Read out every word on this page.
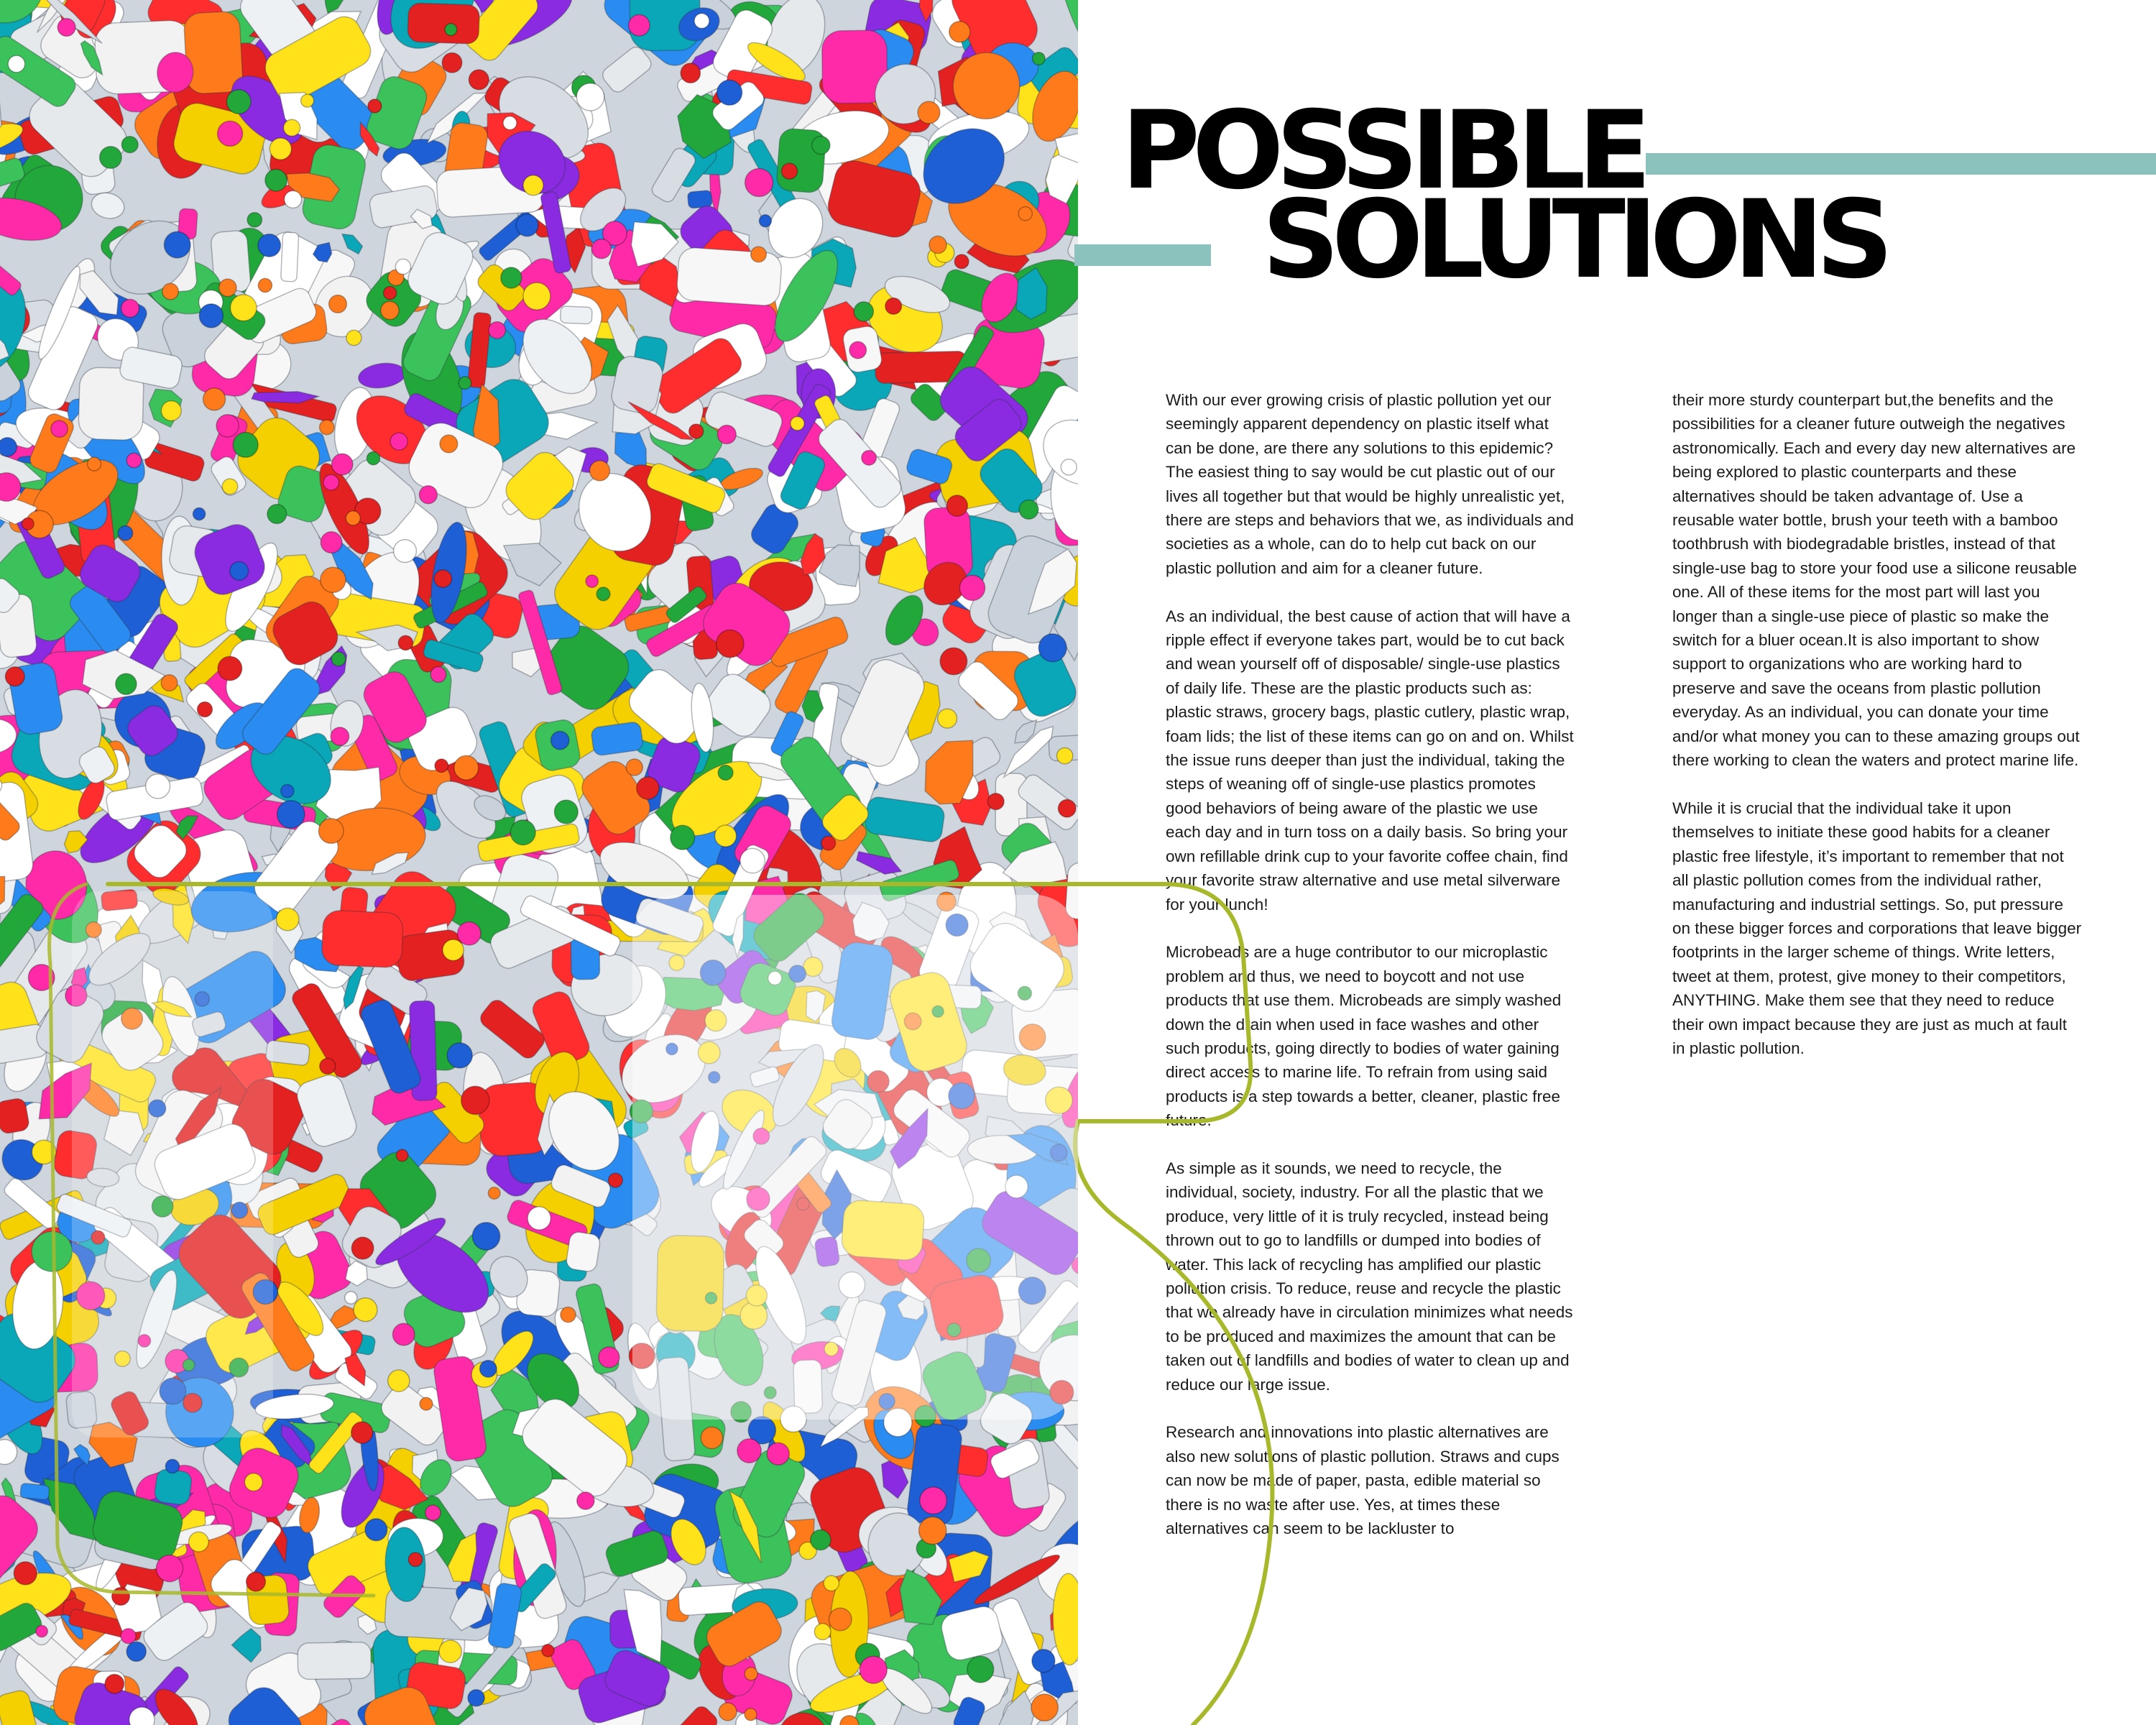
POSSIBLE
SOLUTIONS

With our ever growing crisis of plastic pollution yet our seemingly apparent dependency on plastic itself what can be done, are there any solutions to this epidemic? The easiest thing to say would be cut plastic out of our lives all together but that would be highly unrealistic yet, there are steps and behaviors that we, as individuals and societies as a whole, can do to help cut back on our plastic pollution and aim for a cleaner future.

As an individual, the best cause of action that will have a ripple effect if everyone takes part, would be to cut back and wean yourself off of disposable/ single-use plastics of daily life. These are the plastic products such as: plastic straws, grocery bags, plastic cutlery, plastic wrap, foam lids; the list of these items can go on and on. Whilst the issue runs deeper than just the individual, taking the steps of weaning off of single-use plastics promotes good behaviors of being aware of the plastic we use each day and in turn toss on a daily basis. So bring your own refillable drink cup to your favorite coffee chain, find your favorite straw alternative and use metal silverware for your lunch!

Microbeads are a huge contributor to our microplastic problem and thus, we need to boycott and not use products that use them. Microbeads are simply washed down the drain when used in face washes and other such products, going directly to bodies of water gaining direct access to marine life. To refrain from using said products is a step towards a better, cleaner, plastic free future.

As simple as it sounds, we need to recycle, the individual, society, industry. For all the plastic that we produce, very little of it is truly recycled, instead being thrown out to go to landfills or dumped into bodies of water. This lack of recycling has amplified our plastic pollution crisis. To reduce, reuse and recycle the plastic that we already have in circulation minimizes what needs to be produced and maximizes the amount that can be taken out of landfills and bodies of water to clean up and reduce our large issue.

Research and innovations into plastic alternatives are also new solutions of plastic pollution. Straws and cups can now be made of paper, pasta, edible material so there is no waste after use. Yes, at times these alternatives can seem to be lackluster to

their more sturdy counterpart but,the benefits and the possibilities for a cleaner future outweigh the negatives astronomically. Each and every day new alternatives are being explored to plastic counterparts and these alternatives should be taken advantage of. Use a reusable water bottle, brush your teeth with a bamboo toothbrush with biodegradable bristles, instead of that single-use bag to store your food use a silicone reusable one. All of these items for the most part will last you longer than a single-use piece of plastic so make the switch for a bluer ocean.It is also important to show support to organizations who are working hard to preserve and save the oceans from plastic pollution everyday. As an individual, you can donate your time and/or what money you can to these amazing groups out there working to clean the waters and protect marine life.

While it is crucial that the individual take it upon themselves to initiate these good habits for a cleaner plastic free lifestyle, it’s important to remember that not all plastic pollution comes from the individual rather, manufacturing and industrial settings. So, put pressure on these bigger forces and corporations that leave bigger footprints in the larger scheme of things. Write letters, tweet at them, protest, give money to their competitors, ANYTHING. Make them see that they need to reduce their own impact because they are just as much at fault in plastic pollution.
